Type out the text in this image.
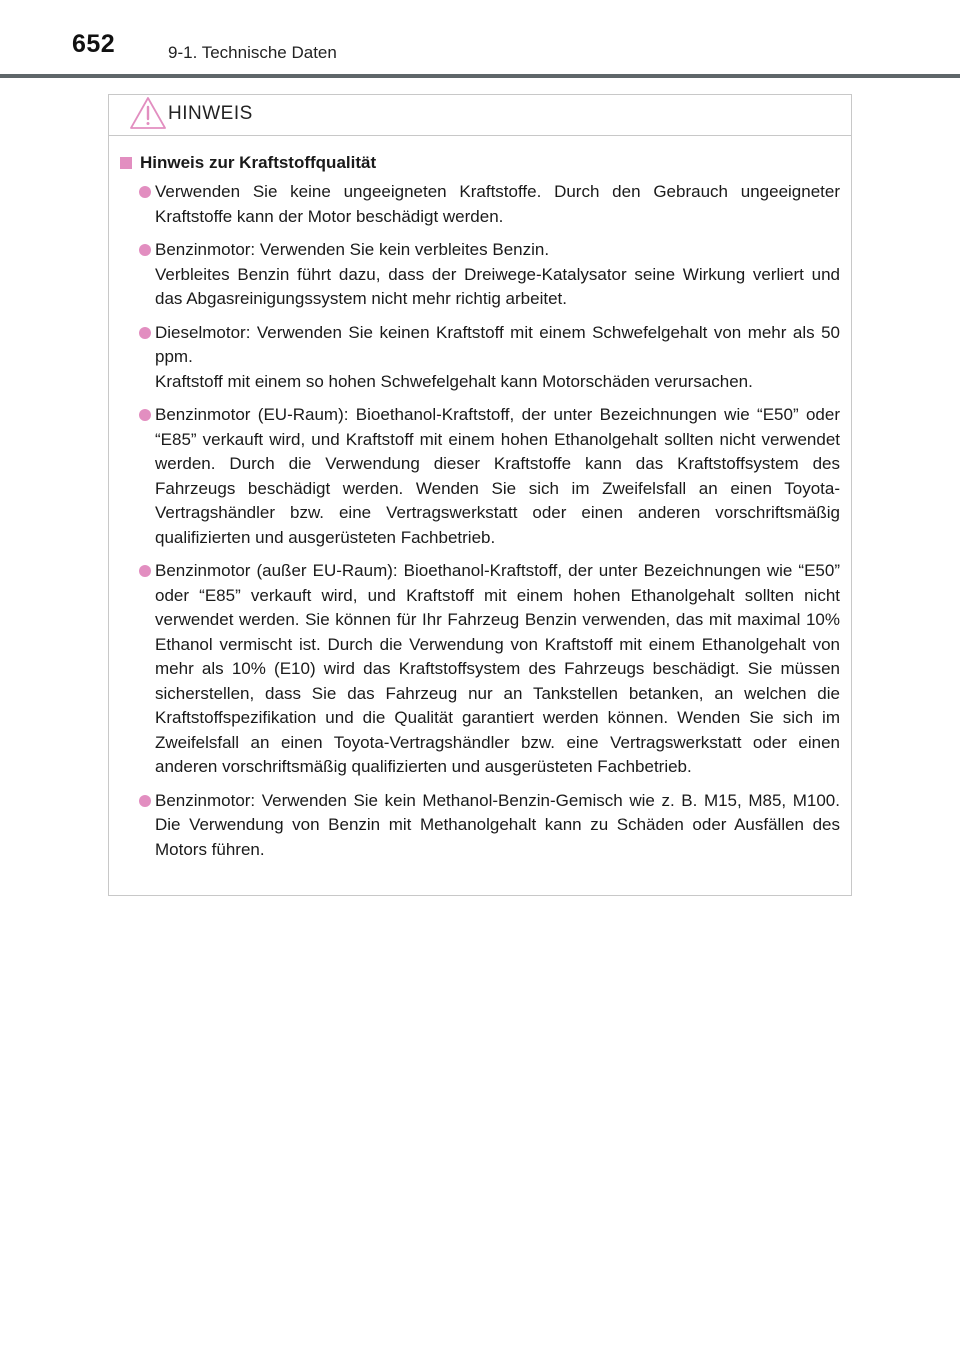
652	9-1. Technische Daten
HINWEIS
Hinweis zur Kraftstoffqualität
Verwenden Sie keine ungeeigneten Kraftstoffe. Durch den Gebrauch ungeeigneter Kraftstoffe kann der Motor beschädigt werden.
Benzinmotor: Verwenden Sie kein verbleites Benzin.
Verbleites Benzin führt dazu, dass der Dreiwege-Katalysator seine Wirkung verliert und das Abgasreinigungssystem nicht mehr richtig arbeitet.
Dieselmotor: Verwenden Sie keinen Kraftstoff mit einem Schwefelgehalt von mehr als 50 ppm.
Kraftstoff mit einem so hohen Schwefelgehalt kann Motorschäden verursachen.
Benzinmotor (EU-Raum): Bioethanol-Kraftstoff, der unter Bezeichnungen wie “E50” oder “E85” verkauft wird, und Kraftstoff mit einem hohen Ethanolgehalt sollten nicht verwendet werden. Durch die Verwendung dieser Kraftstoffe kann das Kraftstoffsystem des Fahrzeugs beschädigt werden. Wenden Sie sich im Zweifelsfall an einen Toyota-Vertragshändler bzw. eine Vertragswerkstatt oder einen anderen vorschriftsmäßig qualifizierten und ausgerüsteten Fachbetrieb.
Benzinmotor (außer EU-Raum): Bioethanol-Kraftstoff, der unter Bezeichnungen wie “E50” oder “E85” verkauft wird, und Kraftstoff mit einem hohen Ethanolgehalt sollten nicht verwendet werden. Sie können für Ihr Fahrzeug Benzin verwenden, das mit maximal 10% Ethanol vermischt ist. Durch die Verwendung von Kraftstoff mit einem Ethanolgehalt von mehr als 10% (E10) wird das Kraftstoffsystem des Fahrzeugs beschädigt. Sie müssen sicherstellen, dass Sie das Fahrzeug nur an Tankstellen betanken, an welchen die Kraftstoffspezifikation und die Qualität garantiert werden können. Wenden Sie sich im Zweifelsfall an einen Toyota-Vertragshändler bzw. eine Vertragswerkstatt oder einen anderen vorschriftsmäßig qualifizierten und ausgerüsteten Fachbetrieb.
Benzinmotor: Verwenden Sie kein Methanol-Benzin-Gemisch wie z. B. M15, M85, M100. Die Verwendung von Benzin mit Methanolgehalt kann zu Schäden oder Ausfällen des Motors führen.
